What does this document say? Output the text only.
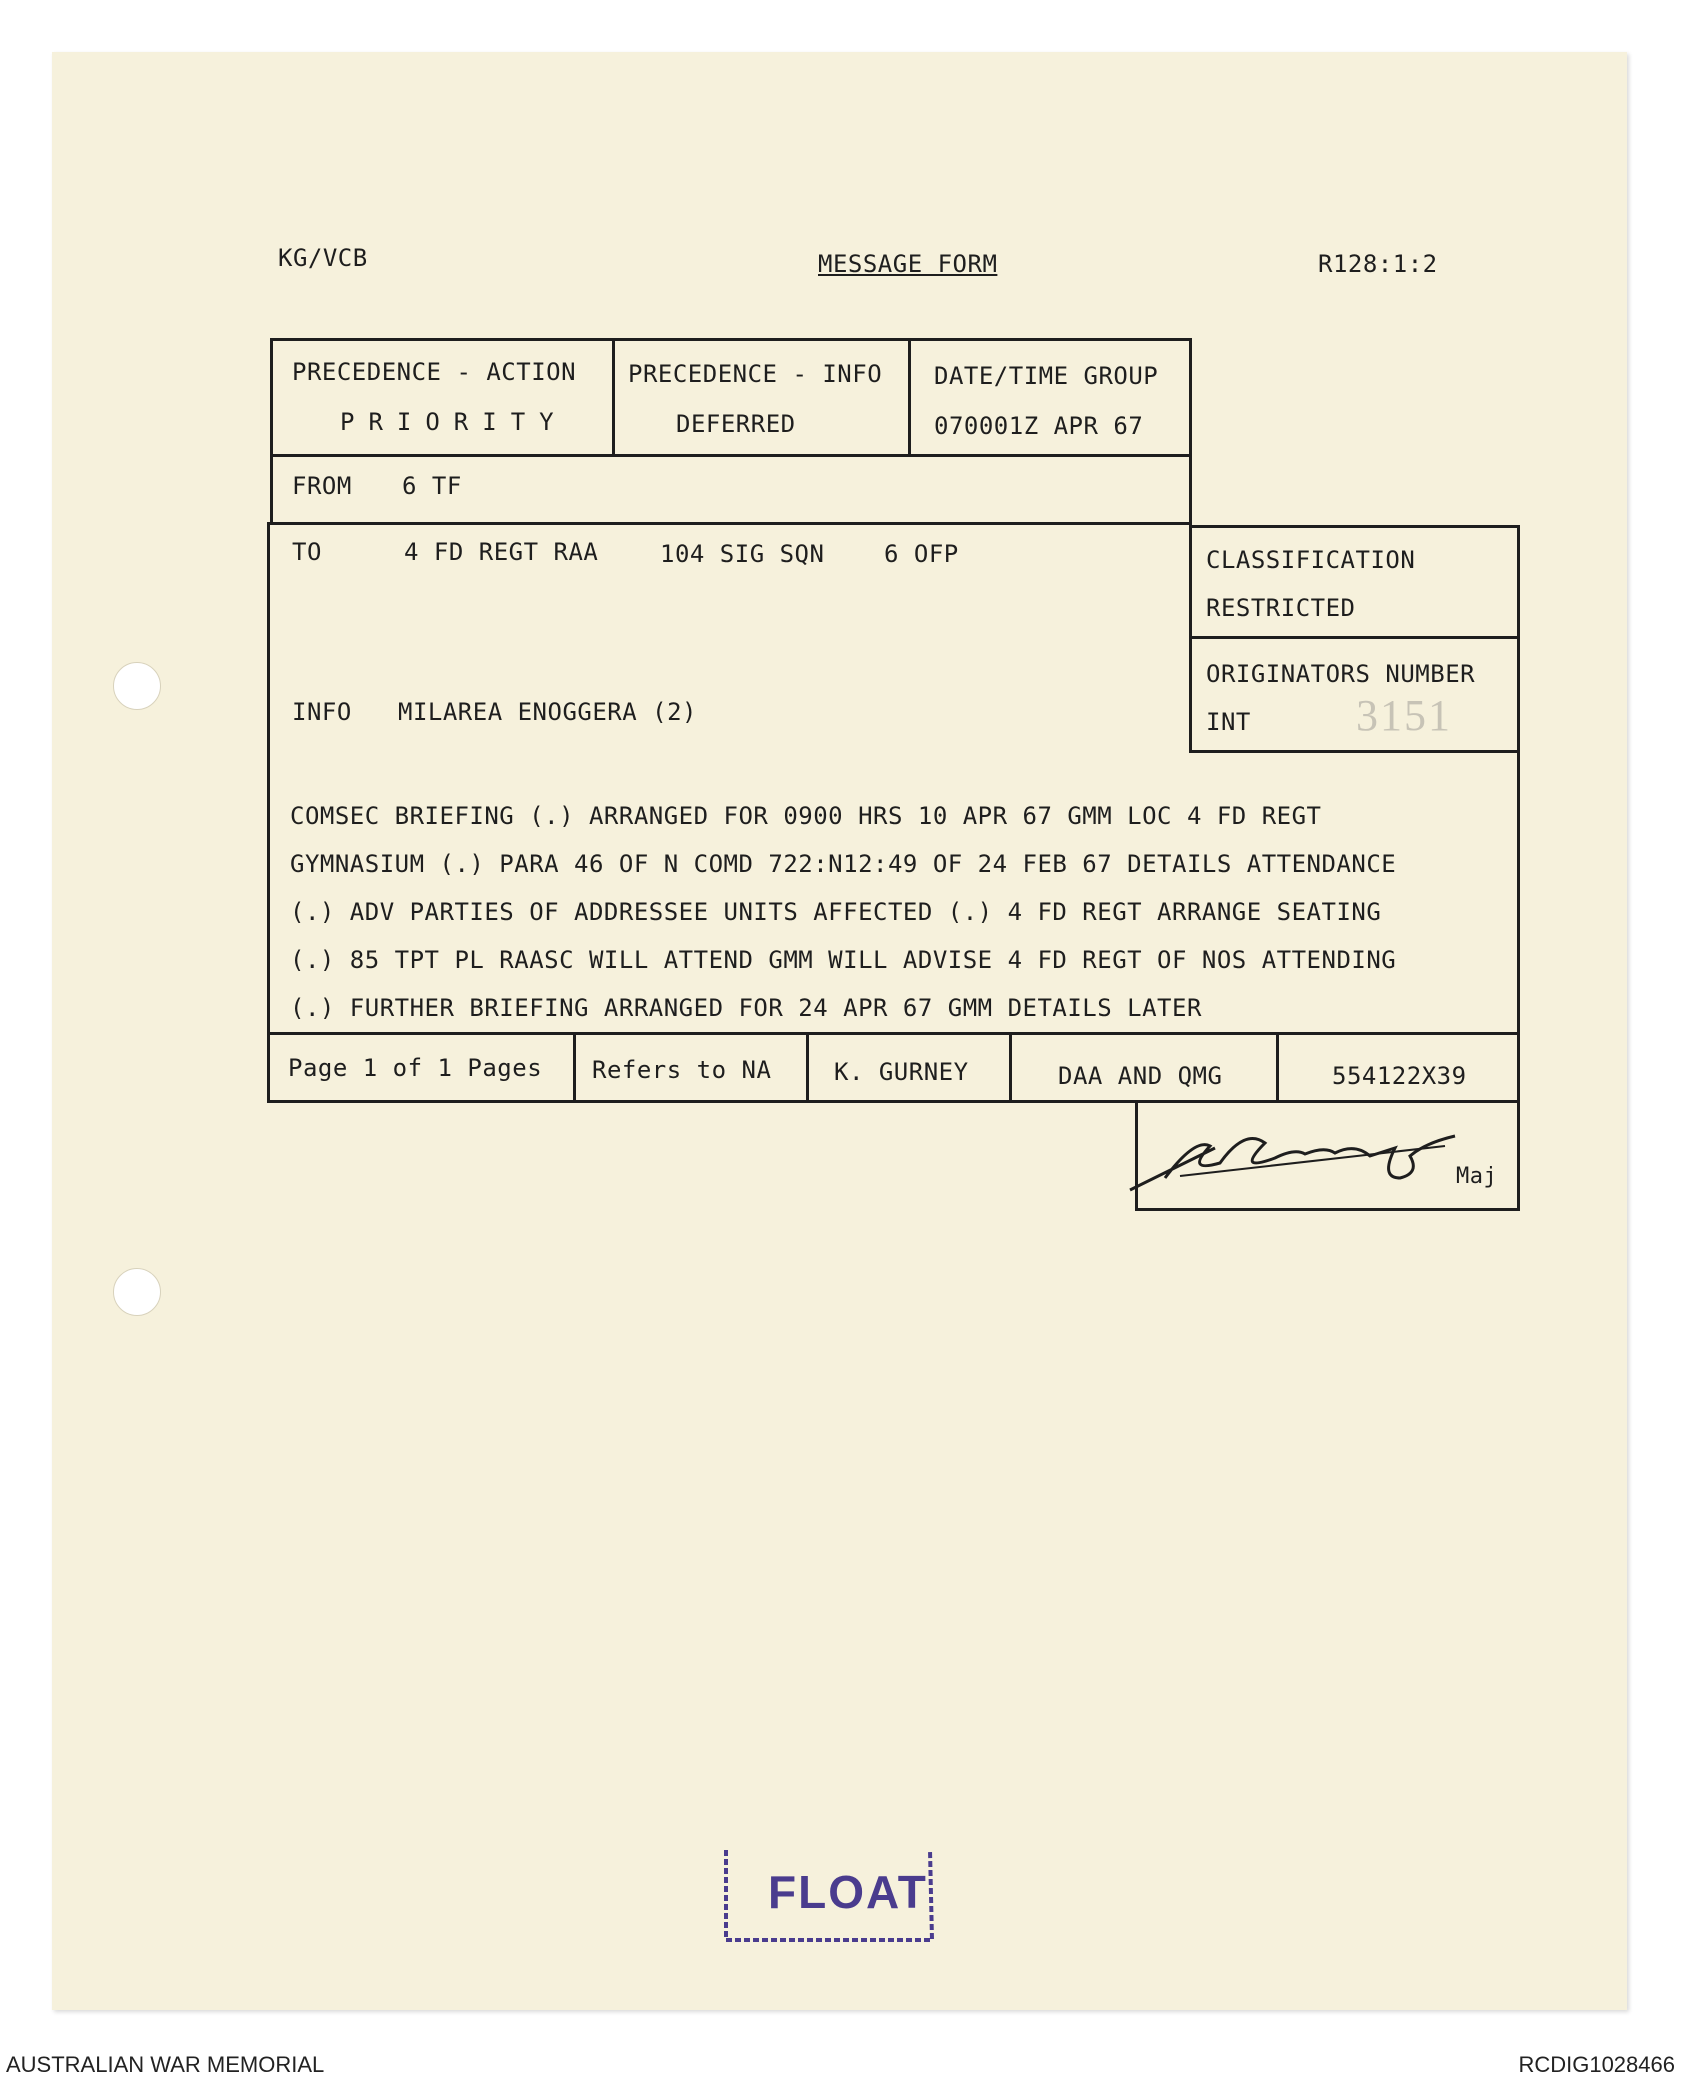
KG/VCB	MESSAGE FORM	R128:1:2
PRECEDENCE - ACTION
PRIORITY
PRECEDENCE - INFO
DEFERRED
DATE/TIME GROUP
070001Z APR 67
FROM 6 TF
TO	4 FD REGT RAA	104 SIG SQN 6 OFP
INFO MILAREA ENOGGERA (2)
CLASSIFICATION
RESTRICTED
ORIGINATORS NUMBER
INT 3151
COMSEC BRIEFING (.) ARRANGED FOR 0900 HRS 10 APR 67 GMM LOC 4 FD REGT
GYMNASIUM (.) PARA 46 OF N COMD 722:N12:49 OF 24 FEB 67 DETAILS ATTENDANCE
(.) ADV PARTIES OF ADDRESSEE UNITS AFFECTED (.) 4 FD REGT ARRANGE SEATING
(.) 85 TPT PL RAASC WILL ATTEND GMM WILL ADVISE 4 FD REGT OF NOS ATTENDING
(.) FURTHER BRIEFING ARRANGED FOR 24 APR 67 GMM DETAILS LATER
Page 1 of 1 Pages Refers to NA	K. GURNEY	DAA AND QMG	554122X39
Maj
FLOAT
AUSTRALIAN WAR MEMORIAL	RCDIG1028466
